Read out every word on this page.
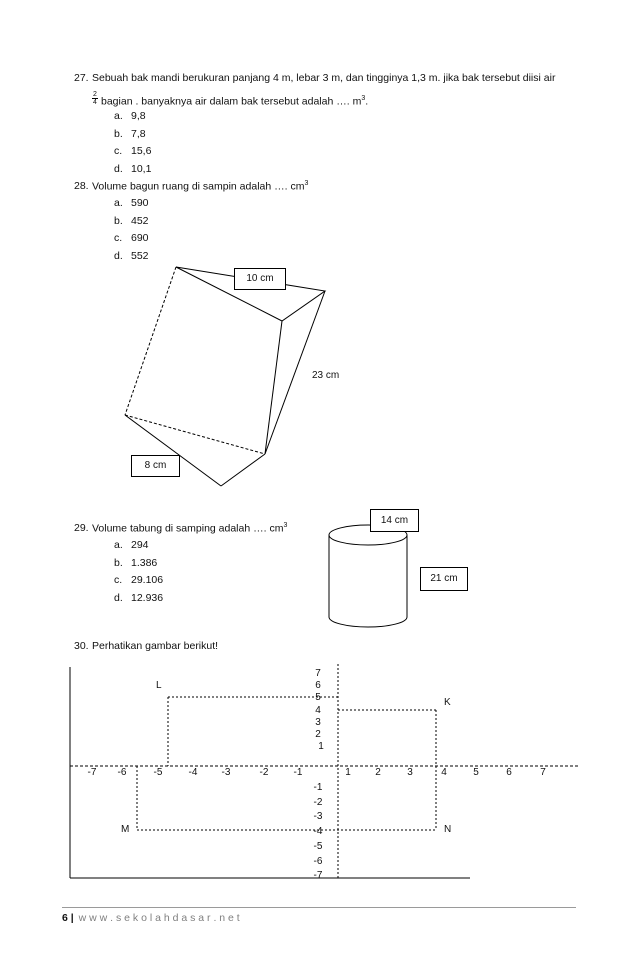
27. Sebuah bak mandi berukuran panjang 4 m, lebar 3 m, dan tingginya 1,3 m. jika bak tersebut diisi air
$\frac{2}{4}$ bagian . banyaknya air dalam bak tersebut adalah …. $m^3$.
a. 9,8
b. 7,8
c. 15,6
d. 10,1
28. Volume bagun ruang di sampin adalah …. $cm^3$
a. 590
b. 452
c. 690
d. 552
10 cm
23 cm
8 cm
29. Volume tabung di samping adalah …. $cm^3$
a. 294
b. 1.386
c. 29.106
d. 12.936
14 cm
21 cm
30. Perhatikan gambar berikut!
-7 -6	-5	-4 -3	-2	-1	1	2	3	4	5	6	7
7
6
5
4
3
2
1
-1
-2
-3
-4
-5
-6
-7
L
K
M	N
6 | w w w . s e k o l a h d a s a r . n e t
